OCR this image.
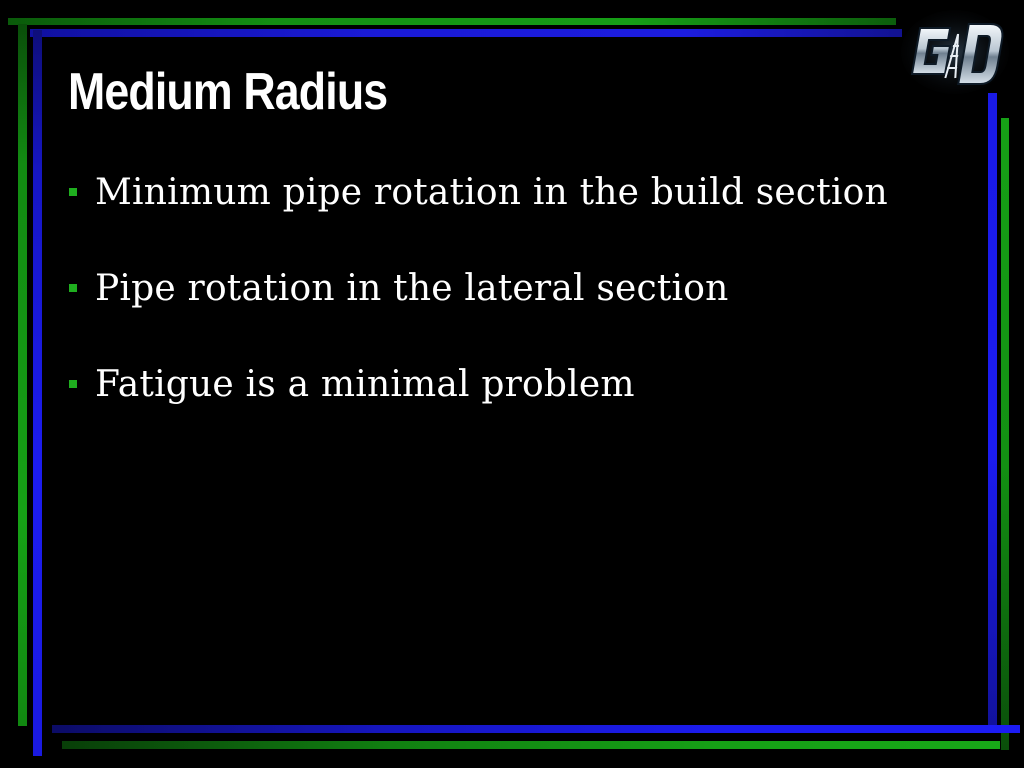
Medium Radius
Minimum pipe rotation in the build section
Pipe rotation in the lateral section
Fatigue is a minimal problem
